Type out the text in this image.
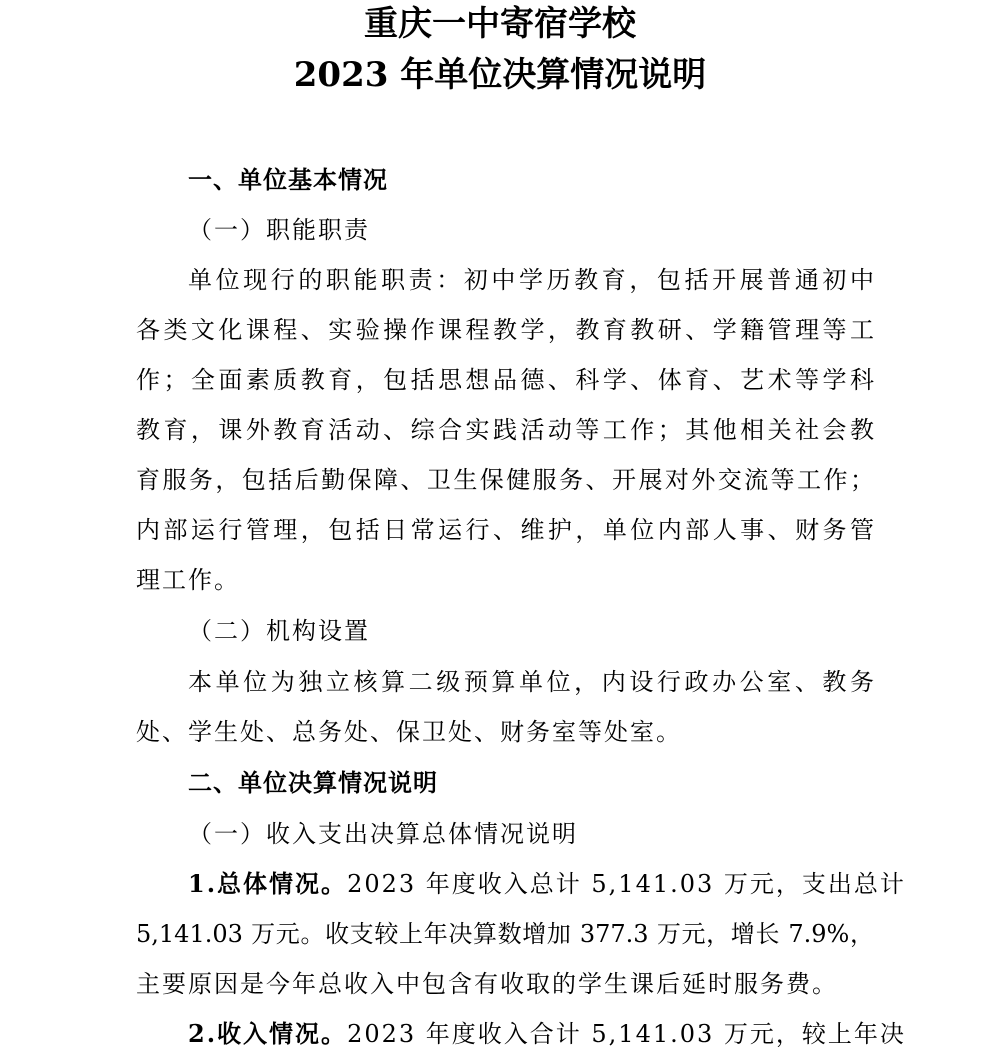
重庆一中寄宿学校
2023 年单位决算情况说明
一、单位基本情况
（一）职能职责
单位现行的职能职责：初中学历教育，包括开展普通初中
各类文化课程、实验操作课程教学，教育教研、学籍管理等工
作；全面素质教育，包括思想品德、科学、体育、艺术等学科
教育，课外教育活动、综合实践活动等工作；其他相关社会教
育服务，包括后勤保障、卫生保健服务、开展对外交流等工作；
内部运行管理，包括日常运行、维护，单位内部人事、财务管
理工作。
（二）机构设置
本单位为独立核算二级预算单位，内设行政办公室、教务
处、学生处、总务处、保卫处、财务室等处室。
二、单位决算情况说明
（一）收入支出决算总体情况说明
1.总体情况。2023 年度收入总计 5,141.03 万元，支出总计
5,141.03 万元。收支较上年决算数增加 377.3 万元，增长 7.9%，
主要原因是今年总收入中包含有收取的学生课后延时服务费。
2.收入情况。2023 年度收入合计 5,141.03 万元，较上年决
